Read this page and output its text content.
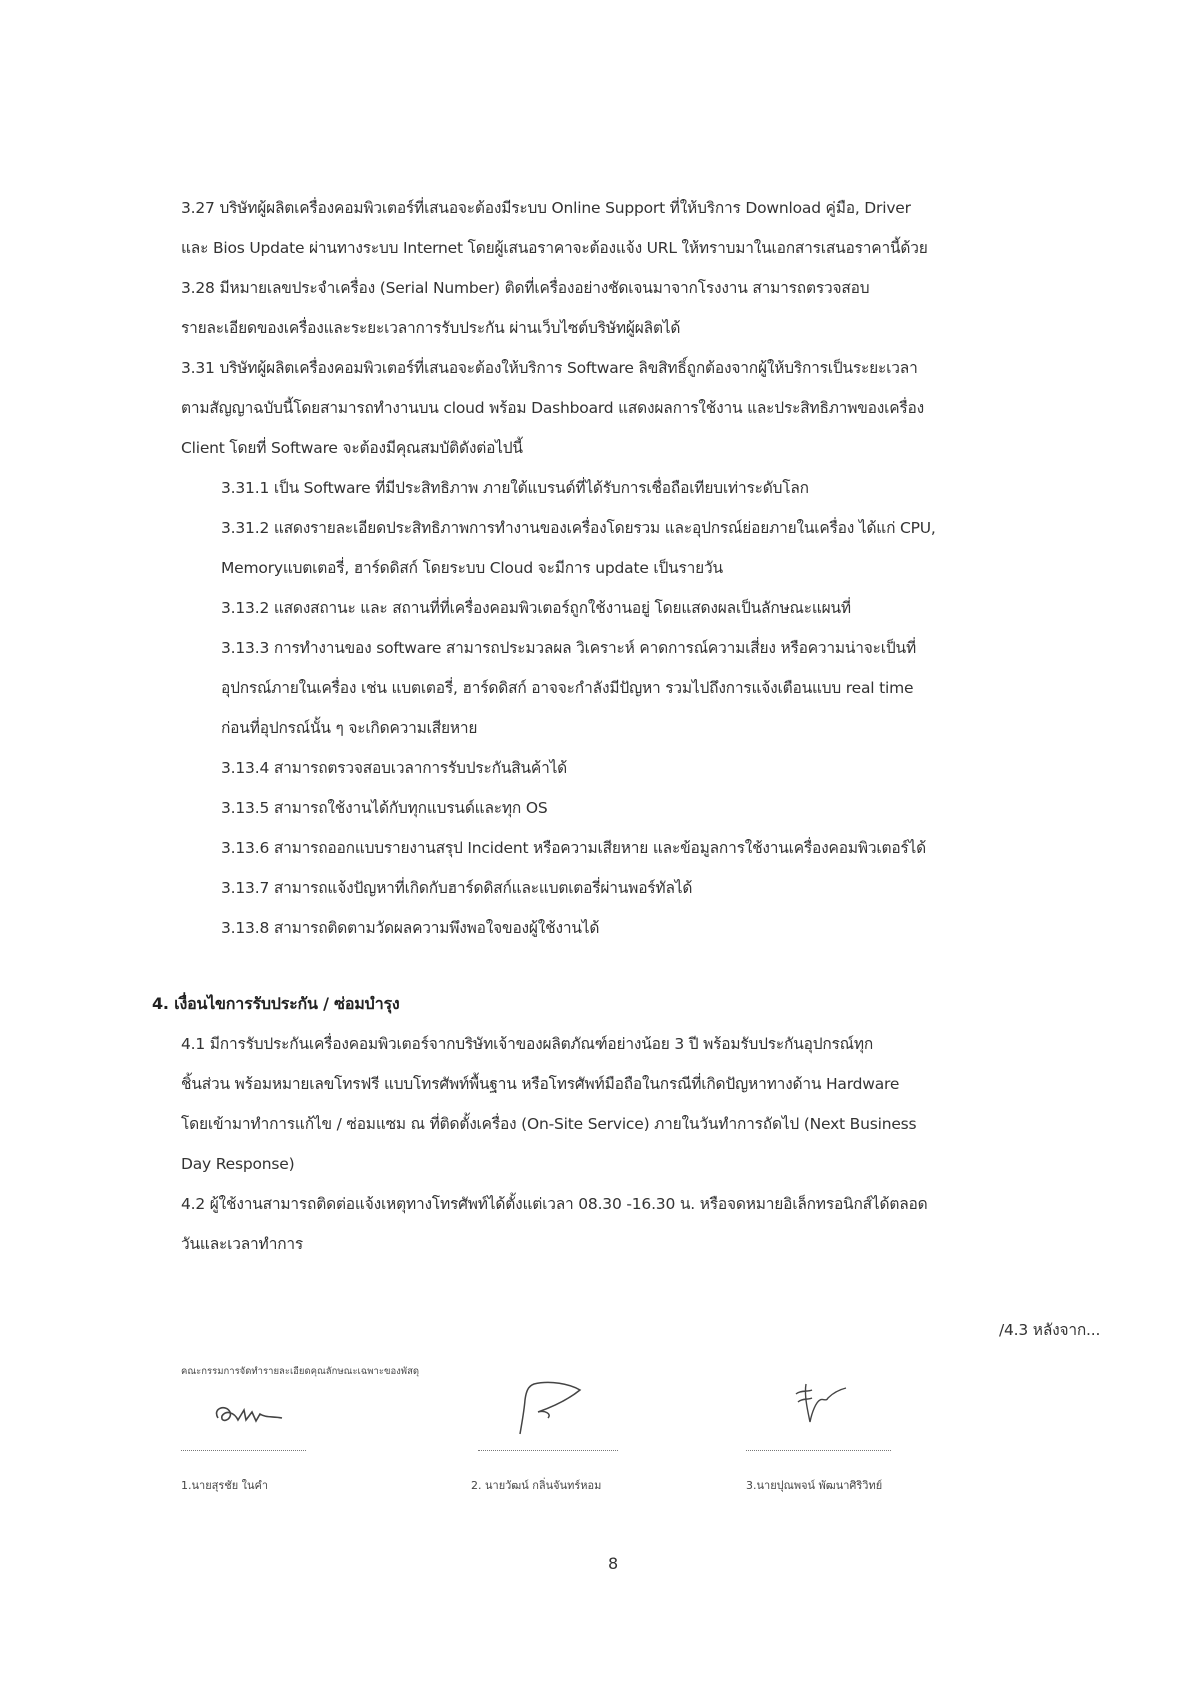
3.27 บริษัทผู้ผลิตเครื่องคอมพิวเตอร์ที่เสนอจะต้องมีระบบ Online Support ที่ให้บริการ Download คู่มือ, Driver
และ Bios Update ผ่านทางระบบ Internet โดยผู้เสนอราคาจะต้องแจ้ง URL ให้ทราบมาในเอกสารเสนอราคานี้ด้วย
3.28 มีหมายเลขประจำเครื่อง (Serial Number) ติดที่เครื่องอย่างชัดเจนมาจากโรงงาน สามารถตรวจสอบ
รายละเอียดของเครื่องและระยะเวลาการรับประกัน ผ่านเว็บไซต์บริษัทผู้ผลิตได้
3.31 บริษัทผู้ผลิตเครื่องคอมพิวเตอร์ที่เสนอจะต้องให้บริการ Software ลิขสิทธิ์ถูกต้องจากผู้ให้บริการเป็นระยะเวลา
ตามสัญญาฉบับนี้โดยสามารถทำงานบน cloud พร้อม Dashboard แสดงผลการใช้งาน และประสิทธิภาพของเครื่อง
Client โดยที่ Software จะต้องมีคุณสมบัติดังต่อไปนี้
3.31.1 เป็น Software ที่มีประสิทธิภาพ ภายใต้แบรนด์ที่ได้รับการเชื่อถือเทียบเท่าระดับโลก
3.31.2 แสดงรายละเอียดประสิทธิภาพการทำงานของเครื่องโดยรวม และอุปกรณ์ย่อยภายในเครื่อง ได้แก่ CPU,
Memoryแบตเตอรี่, ฮาร์ดดิสก์ โดยระบบ Cloud จะมีการ update เป็นรายวัน
3.13.2 แสดงสถานะ และ สถานที่ที่เครื่องคอมพิวเตอร์ถูกใช้งานอยู่ โดยแสดงผลเป็นลักษณะแผนที่
3.13.3 การทำงานของ software สามารถประมวลผล วิเคราะห์ คาดการณ์ความเสี่ยง หรือความน่าจะเป็นที่
อุปกรณ์ภายในเครื่อง เช่น แบตเตอรี่, ฮาร์ดดิสก์ อาจจะกำลังมีปัญหา รวมไปถึงการแจ้งเตือนแบบ real time
ก่อนที่อุปกรณ์นั้น ๆ จะเกิดความเสียหาย
3.13.4 สามารถตรวจสอบเวลาการรับประกันสินค้าได้
3.13.5 สามารถใช้งานได้กับทุกแบรนด์และทุก OS
3.13.6 สามารถออกแบบรายงานสรุป Incident หรือความเสียหาย และข้อมูลการใช้งานเครื่องคอมพิวเตอร์ได้
3.13.7 สามารถแจ้งปัญหาที่เกิดกับฮาร์ดดิสก์และแบตเตอรี่ผ่านพอร์ทัลได้
3.13.8 สามารถติดตามวัดผลความพึงพอใจของผู้ใช้งานได้
4. เงื่อนไขการรับประกัน / ซ่อมบำรุง
4.1 มีการรับประกันเครื่องคอมพิวเตอร์จากบริษัทเจ้าของผลิตภัณฑ์อย่างน้อย 3 ปี พร้อมรับประกันอุปกรณ์ทุก
ชิ้นส่วน พร้อมหมายเลขโทรฟรี แบบโทรศัพท์พื้นฐาน หรือโทรศัพท์มือถือในกรณีที่เกิดปัญหาทางด้าน Hardware
โดยเข้ามาทำการแก้ไข / ซ่อมแซม ณ ที่ติดตั้งเครื่อง (On-Site Service) ภายในวันทำการถัดไป (Next Business
Day Response)
4.2 ผู้ใช้งานสามารถติดต่อแจ้งเหตุทางโทรศัพท์ได้ตั้งแต่เวลา 08.30 -16.30 น. หรือจดหมายอิเล็กทรอนิกส์ได้ตลอด
วันและเวลาทำการ
/4.3 หลังจาก...
คณะกรรมการจัดทำรายละเอียดคุณลักษณะเฉพาะของพัสดุ
1.นายสุรชัย ในคำ	2. นายวัฒน์ กลิ่นจันทร์หอม	3.นายปุณพจน์ พัฒนาศิริวิทย์
8
